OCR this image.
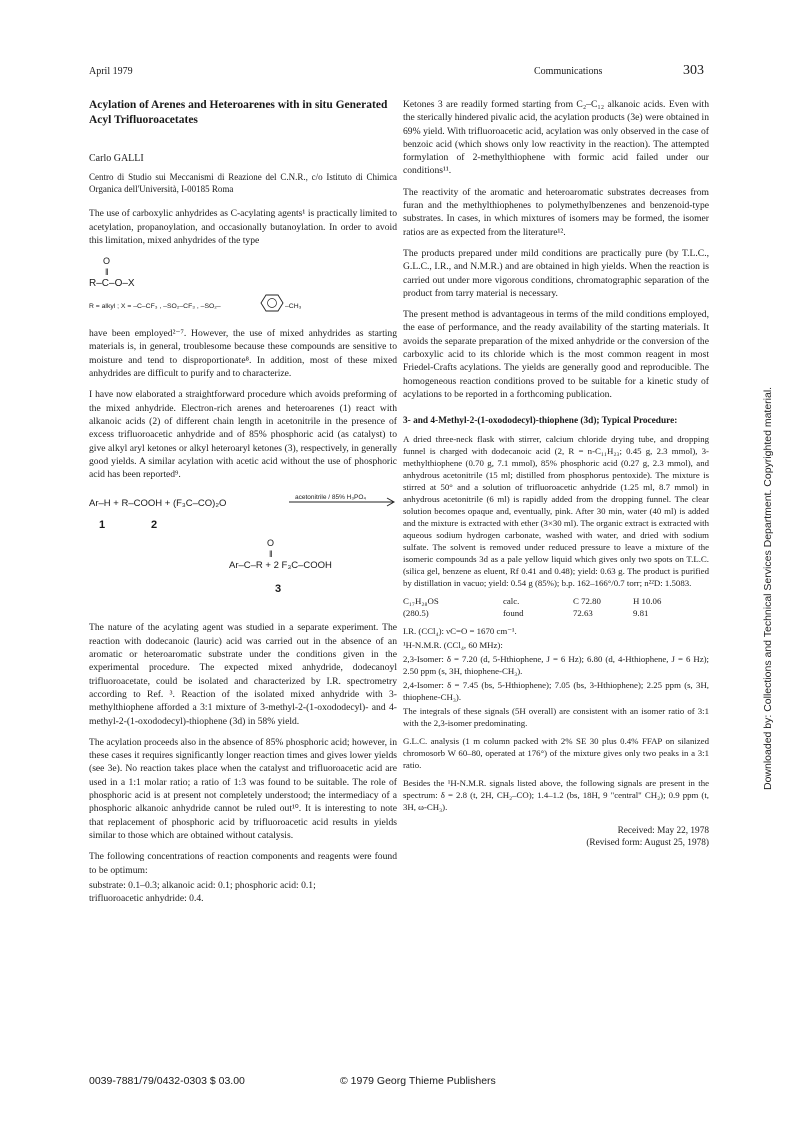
April 1979	Communications	303
Acylation of Arenes and Heteroarenes with in situ Generated Acyl Trifluoroacetates
Carlo GALLI
Centro di Studio sui Meccanismi di Reazione del C.N.R., c/o Istituto di Chimica Organica dell'Università, I-00185 Roma

The use of carboxylic anhydrides as C-acylating agents¹ is practically limited to acetylation, propanoylation, and occasionally butanoylation. In order to avoid this limitation, mixed anhydrides of the type

O
‖
R–C–O–X
R = alkyl ; X = –C–CF₃ , –SO₂–CF₃ , –SO₂–	–CH₃

have been employed²⁻⁷. However, the use of mixed anhydrides as starting materials is, in general, troublesome because these compounds are sensitive to moisture and tend to disproportionate⁸. In addition, most of these mixed anhydrides are difficult to purify and to characterize.

I have now elaborated a straightforward procedure which avoids preforming of the mixed anhydride. Electron-rich arenes and heteroarenes (1) react with alkanoic acids (2) of different chain length in acetonitrile in the presence of excess trifluoroacetic anhydride and of 85% phosphoric acid (as catalyst) to give alkyl aryl ketones or alkyl heteroaryl ketones (3), respectively, in generally good yields. A similar acylation with acetic acid without the use of phosphoric acid has been reported⁹.

Ar–H + R–COOH + (F₃C–CO)₂O
acetonitrile / 85% H₃PO₄
1	2
O
‖
Ar–C–R + 2 F₃C–COOH
3

The nature of the acylating agent was studied in a separate experiment. The reaction with dodecanoic (lauric) acid was carried out in the absence of an aromatic or heteroaromatic substrate under the conditions given in the experimental procedure. The expected mixed anhydride, dodecanoyl trifluoroacetate, could be isolated and characterized by I.R. spectrometry according to Ref. ³. Reaction of the isolated mixed anhydride with 3-methylthiophene afforded a 3:1 mixture of 3-methyl-2-(1-oxododecyl)- and 4-methyl-2-(1-oxododecyl)-thiophene (3d) in 58% yield.

The acylation proceeds also in the absence of 85% phosphoric acid; however, in these cases it requires significantly longer reaction times and gives lower yields (see 3e). No reaction takes place when the catalyst and trifluoroacetic acid are used in a 1:1 molar ratio; a ratio of 1:3 was found to be suitable. The role of phosphoric acid is at present not completely understood; the intermediacy of a phosphoric alkanoic anhydride cannot be ruled out¹⁰. It is interesting to note that replacement of phosphoric acid by trifluoroacetic acid results in yields similar to those which are obtained without catalysis.

The following concentrations of reaction components and reagents were found to be optimum:

substrate: 0.1–0.3; alkanoic acid: 0.1; phosphoric acid: 0.1;
trifluoroacetic anhydride: 0.4.

Ketones 3 are readily formed starting from C₂–C₁₂ alkanoic acids. Even with the sterically hindered pivalic acid, the acylation products (3e) were obtained in 69% yield. With trifluoroacetic acid, acylation was only observed in the case of benzoic acid (which shows only low reactivity in the reaction). The attempted formylation of 2-methylthiophene with formic acid failed under our conditions¹¹.

The reactivity of the aromatic and heteroaromatic substrates decreases from furan and the methylthiophenes to polymethylbenzenes and benzenoid-type substrates. In cases, in which mixtures of isomers may be formed, the isomer ratios are as expected from the literature¹².

The products prepared under mild conditions are practically pure (by T.L.C., G.L.C., I.R., and N.M.R.) and are obtained in high yields. When the reaction is carried out under more vigorous conditions, chromatographic separation of the product from tarry material is necessary.

The present method is advantageous in terms of the mild conditions employed, the ease of performance, and the ready availability of the starting materials. It avoids the separate preparation of the mixed anhydride or the conversion of the carboxylic acid to its chloride which is the most common reagent in most Friedel-Crafts acylations. The yields are generally good and reproducible. The homogeneous reaction conditions proved to be suitable for a kinetic study of acylations to be reported in a forthcoming publication.

3- and 4-Methyl-2-(1-oxododecyl)-thiophene (3d); Typical Procedure:

A dried three-neck flask with stirrer, calcium chloride drying tube, and dropping funnel is charged with dodecanoic acid (2, R = n-C₁₁H₂₃; 0.45 g, 2.3 mmol), 3-methylthiophene (0.70 g, 7.1 mmol), 85% phosphoric acid (0.27 g, 2.3 mmol), and anhydrous acetonitrile (15 ml; distilled from phosphorus pentoxide). The mixture is stirred at 50° and a solution of trifluoroacetic anhydride (1.25 ml, 8.7 mmol) in anhydrous acetonitrile (6 ml) is rapidly added from the dropping funnel. The clear solution becomes opaque and, eventually, pink. After 30 min, water (40 ml) is added and the mixture is extracted with ether (3×30 ml). The organic extract is extracted with aqueous sodium hydrogen carbonate, washed with water, and dried with sodium sulfate. The solvent is removed under reduced pressure to leave a mixture of the isomeric compounds 3d as a pale yellow liquid which gives only two spots on T.L.C. (silica gel, benzene as eluent, Rf 0.41 and 0.48); yield: 0.63 g. The product is purified by distillation in vacuo; yield: 0.54 g (85%); b.p. 162–166°/0.7 torr; n²²D: 1.5083.

C₁₇H₂₈OS	calc.	C 72.80	H 10.06
(280.5)	found	72.63	9.81

I.R. (CCl₄): νC=O = 1670 cm⁻¹.

¹H-N.M.R. (CCl₄, 60 MHz):

2,3-Isomer: δ = 7.20 (d, 5-Hthiophene, J = 6 Hz); 6.80 (d, 4-Hthiophene, J = 6 Hz); 2.50 ppm (s, 3H, thiophene-CH₃).

2,4-Isomer: δ = 7.45 (bs, 5-Hthiophene); 7.05 (bs, 3-Hthiophene); 2.25 ppm (s, 3H, thiophene-CH₃).

The integrals of these signals (5H overall) are consistent with an isomer ratio of 3:1 with the 2,3-isomer predominating.

G.L.C. analysis (1 m column packed with 2% SE 30 plus 0.4% FFAP on silanized chromosorb W 60–80, operated at 176°) of the mixture gives only two peaks in a 3:1 ratio.

Besides the ¹H-N.M.R. signals listed above, the following signals are present in the spectrum: δ = 2.8 (t, 2H, CH₂–CO); 1.4–1.2 (bs, 18H, 9 "central" CH₂); 0.9 ppm (t, 3H, ω-CH₃).

Received: May 22, 1978
(Revised form: August 25, 1978)
0039-7881/79/0432-0303 $ 03.00	© 1979 Georg Thieme Publishers
Downloaded by: Collections and Technical Services Department. Copyrighted material.
